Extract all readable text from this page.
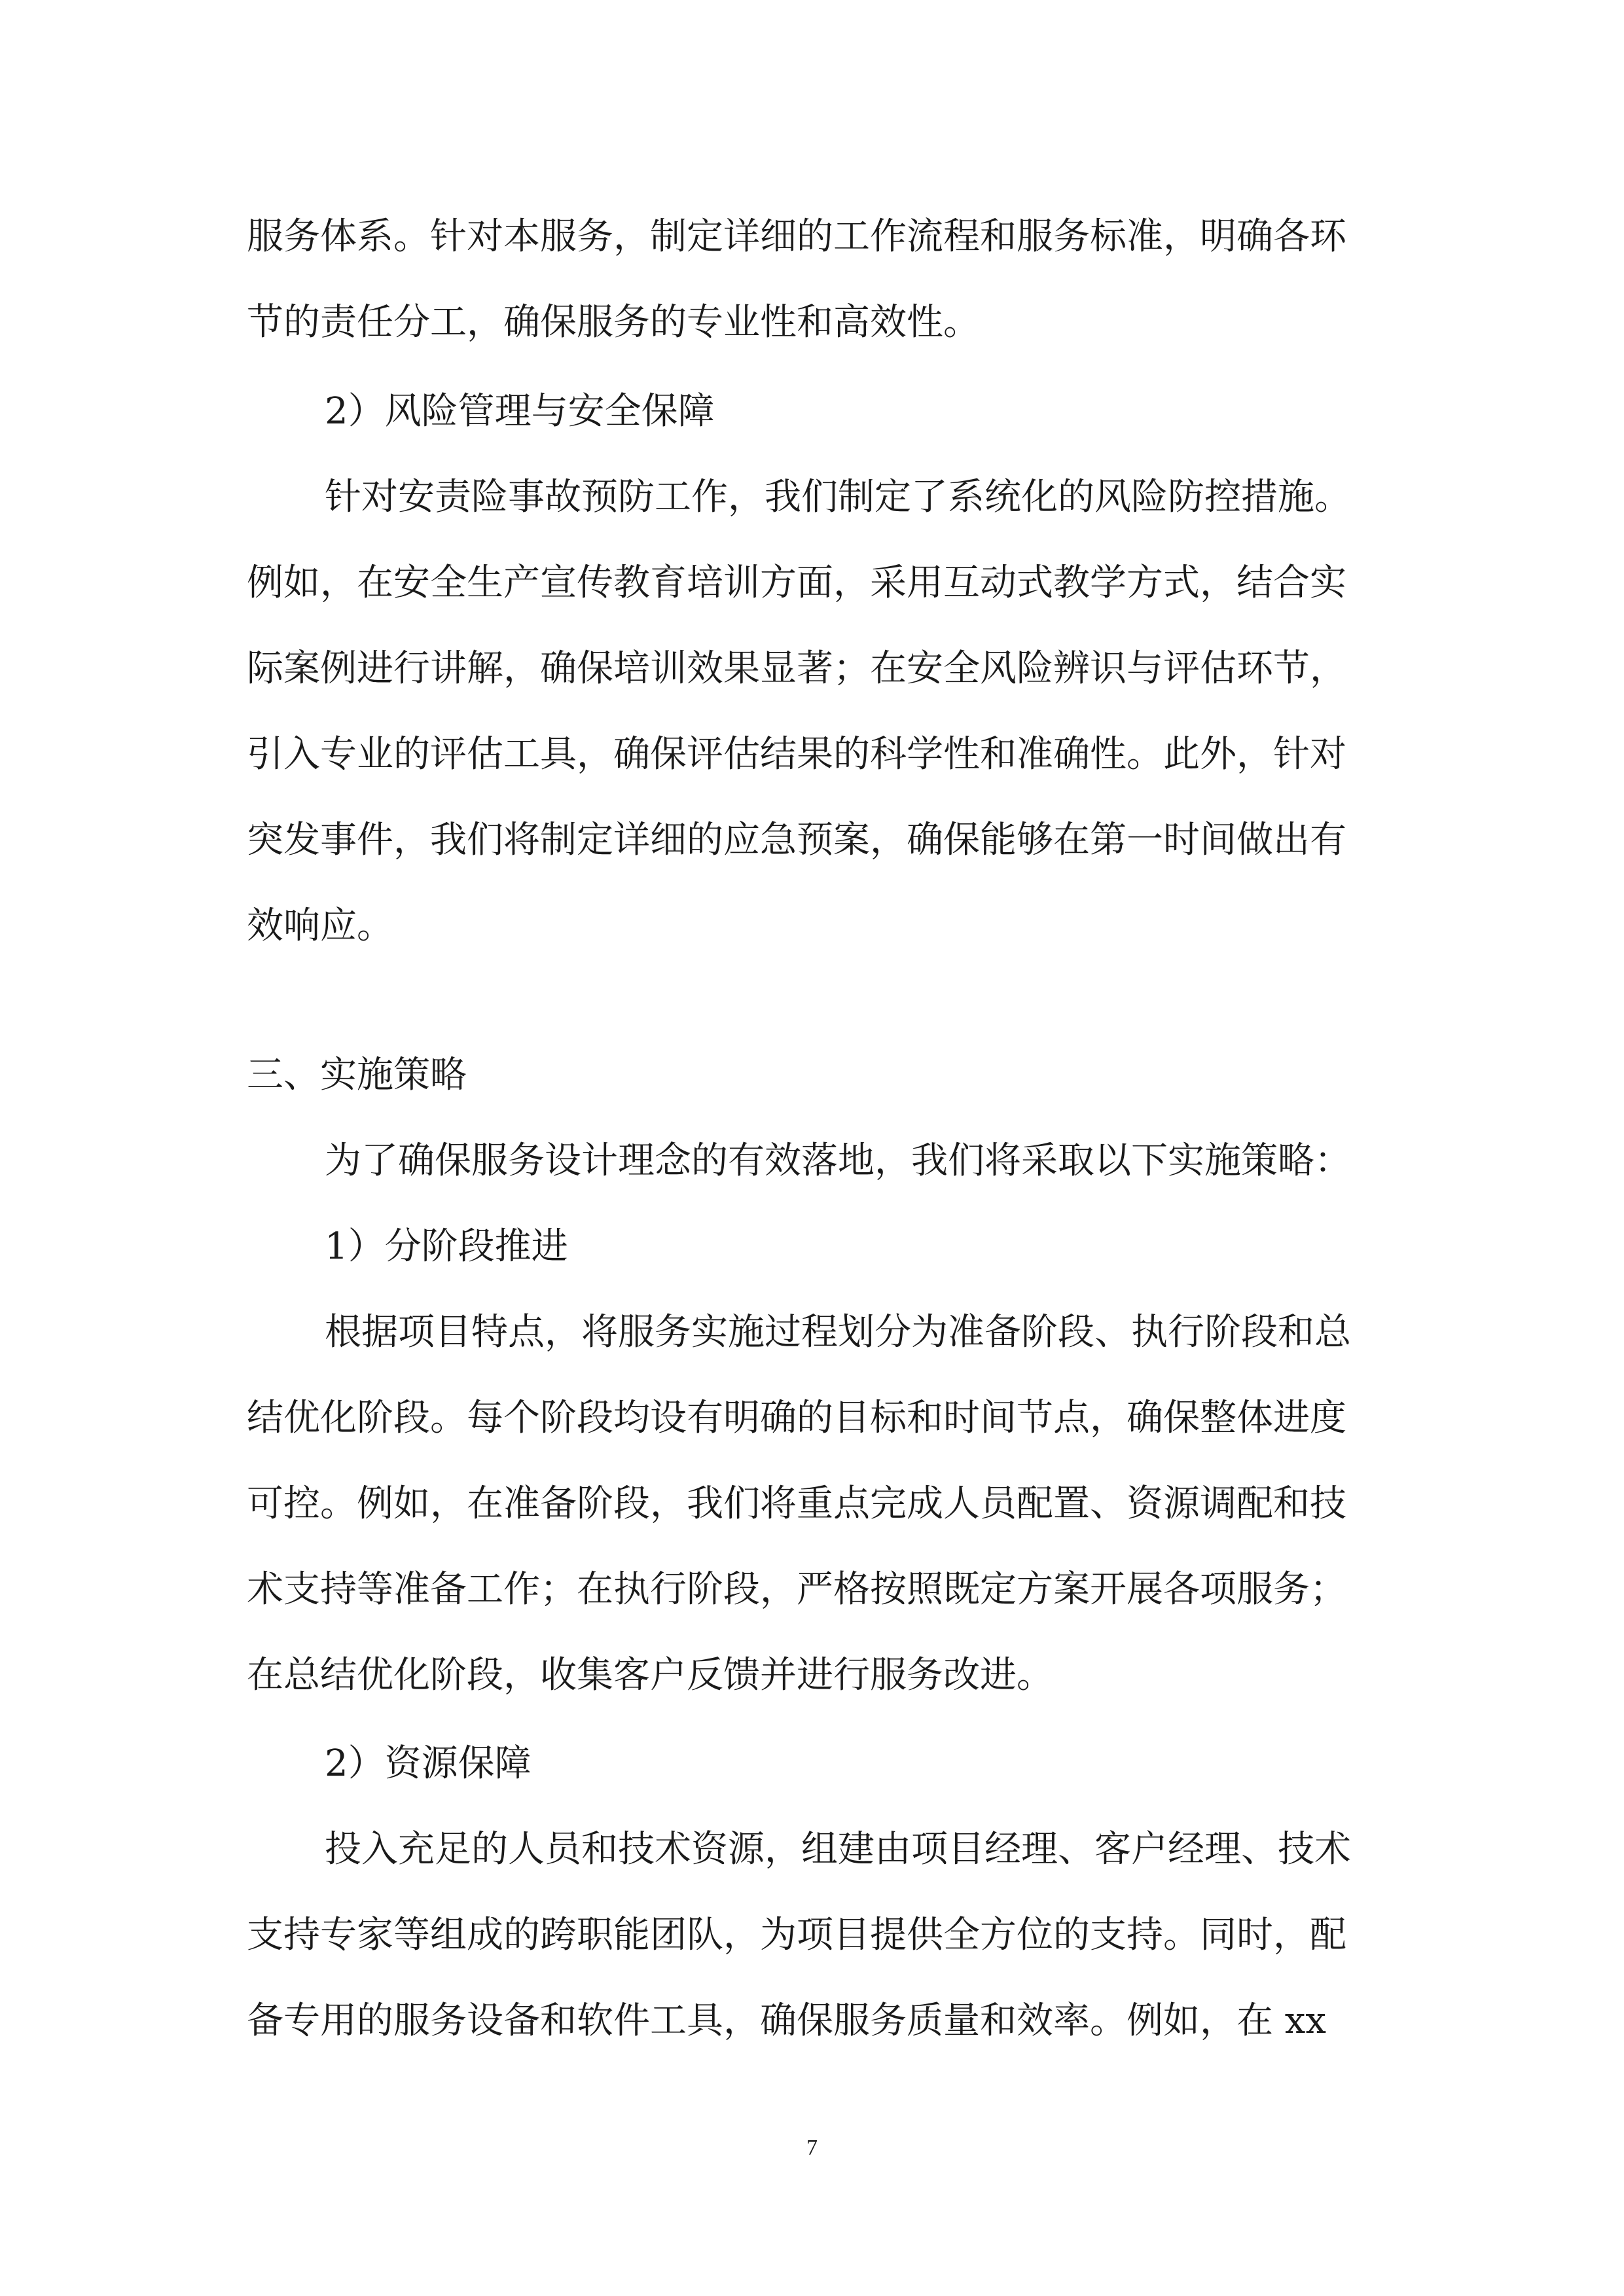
服务体系。针对本服务，制定详细的工作流程和服务标准，明确各环
节的责任分工，确保服务的专业性和高效性。
2）风险管理与安全保障
针对安责险事故预防工作，我们制定了系统化的风险防控措施。
例如，在安全生产宣传教育培训方面，采用互动式教学方式，结合实
际案例进行讲解，确保培训效果显著；在安全风险辨识与评估环节，
引入专业的评估工具，确保评估结果的科学性和准确性。此外，针对
突发事件，我们将制定详细的应急预案，确保能够在第一时间做出有
效响应。
三、实施策略
为了确保服务设计理念的有效落地，我们将采取以下实施策略：
1）分阶段推进
根据项目特点，将服务实施过程划分为准备阶段、执行阶段和总
结优化阶段。每个阶段均设有明确的目标和时间节点，确保整体进度
可控。例如，在准备阶段，我们将重点完成人员配置、资源调配和技
术支持等准备工作；在执行阶段，严格按照既定方案开展各项服务；
在总结优化阶段，收集客户反馈并进行服务改进。
2）资源保障
投入充足的人员和技术资源，组建由项目经理、客户经理、技术
支持专家等组成的跨职能团队，为项目提供全方位的支持。同时，配
备专用的服务设备和软件工具，确保服务质量和效率。例如，在 xx
7
